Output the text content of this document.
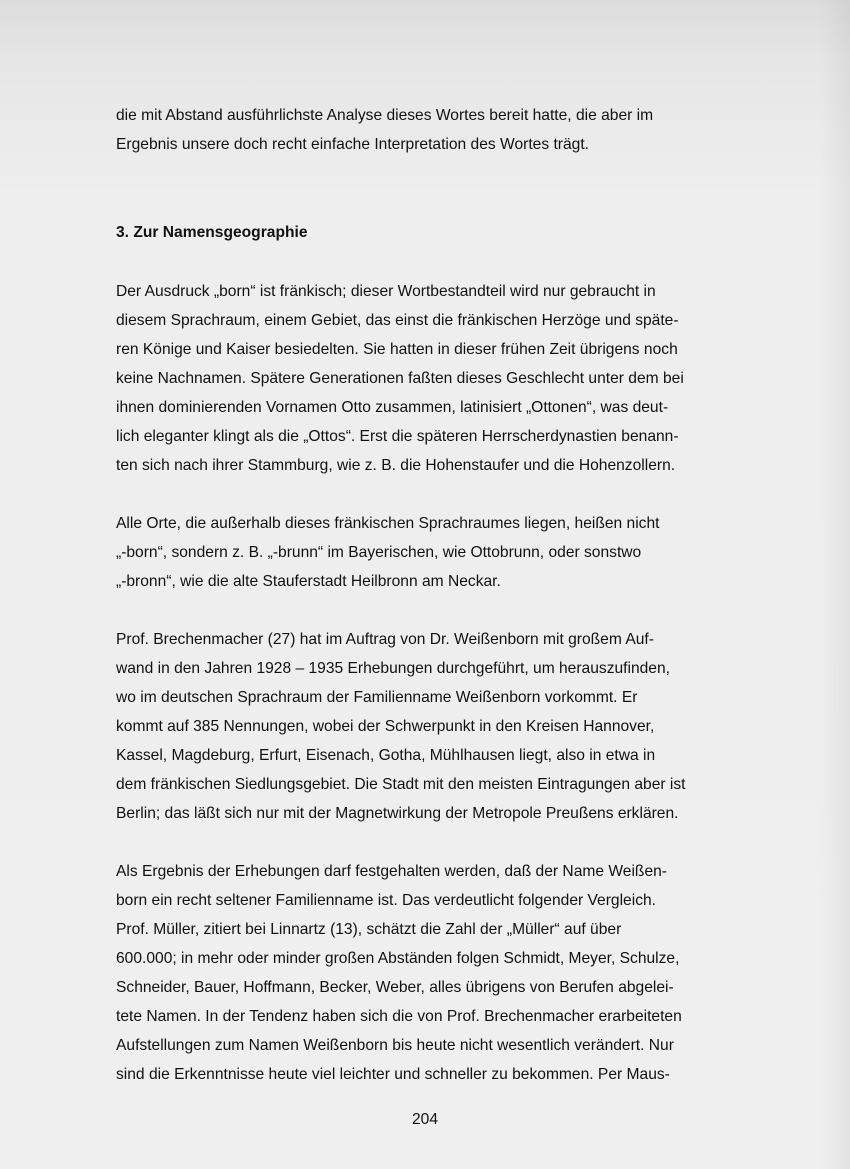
die mit Abstand ausführlichste Analyse dieses Wortes bereit hatte, die aber im
Ergebnis unsere doch recht einfache Interpretation des Wortes trägt.

3. Zur Namensgeographie

Der Ausdruck „born“ ist fränkisch; dieser Wortbestandteil wird nur gebraucht in
diesem Sprachraum, einem Gebiet, das einst die fränkischen Herzöge und späte-
ren Könige und Kaiser besiedelten. Sie hatten in dieser frühen Zeit übrigens noch
keine Nachnamen. Spätere Generationen faßten dieses Geschlecht unter dem bei
ihnen dominierenden Vornamen Otto zusammen, latinisiert „Ottonen“, was deut-
lich eleganter klingt als die „Ottos“. Erst die späteren Herrscherdynastien benann-
ten sich nach ihrer Stammburg, wie z. B. die Hohenstaufer und die Hohenzollern.

Alle Orte, die außerhalb dieses fränkischen Sprachraumes liegen, heißen nicht
„-born“, sondern z. B. „-brunn“ im Bayerischen, wie Ottobrunn, oder sonstwo
„-bronn“, wie die alte Stauferstadt Heilbronn am Neckar.

Prof. Brechenmacher (27) hat im Auftrag von Dr. Weißenborn mit großem Auf-
wand in den Jahren 1928 – 1935 Erhebungen durchgeführt, um herauszufinden,
wo im deutschen Sprachraum der Familienname Weißenborn vorkommt. Er
kommt auf 385 Nennungen, wobei der Schwerpunkt in den Kreisen Hannover,
Kassel, Magdeburg, Erfurt, Eisenach, Gotha, Mühlhausen liegt, also in etwa in
dem fränkischen Siedlungsgebiet. Die Stadt mit den meisten Eintragungen aber ist
Berlin; das läßt sich nur mit der Magnetwirkung der Metropole Preußens erklären.

Als Ergebnis der Erhebungen darf festgehalten werden, daß der Name Weißen-
born ein recht seltener Familienname ist. Das verdeutlicht folgender Vergleich.
Prof. Müller, zitiert bei Linnartz (13), schätzt die Zahl der „Müller“ auf über
600.000; in mehr oder minder großen Abständen folgen Schmidt, Meyer, Schulze,
Schneider, Bauer, Hoffmann, Becker, Weber, alles übrigens von Berufen abgelei-
tete Namen. In der Tendenz haben sich die von Prof. Brechenmacher erarbeiteten
Aufstellungen zum Namen Weißenborn bis heute nicht wesentlich verändert. Nur
sind die Erkenntnisse heute viel leichter und schneller zu bekommen. Per Maus-

204
